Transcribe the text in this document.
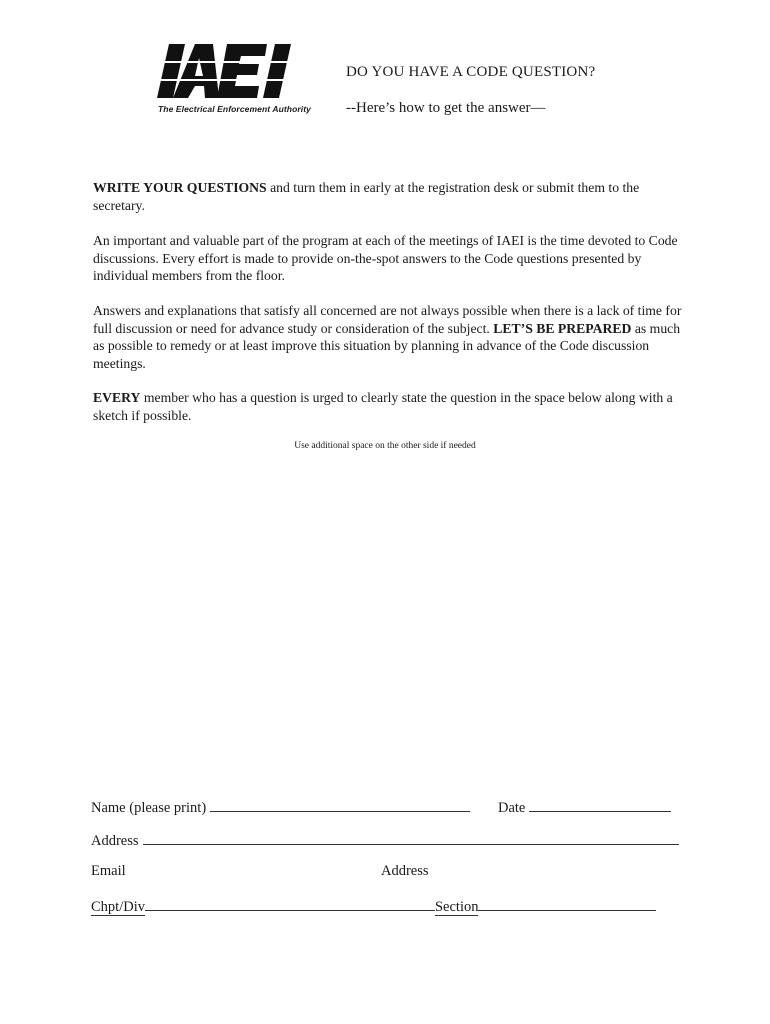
The Electrical Enforcement Authority
DO YOU HAVE A CODE QUESTION?
--Here’s how to get the answer—

WRITE YOUR QUESTIONS and turn them in early at the registration desk or submit them to the secretary.

An important and valuable part of the program at each of the meetings of IAEI is the time devoted to Code discussions. Every effort is made to provide on-the-spot answers to the Code questions presented by individual members from the floor.

Answers and explanations that satisfy all concerned are not always possible when there is a lack of time for full discussion or need for advance study or consideration of the subject. LET’S BE PREPARED as much as possible to remedy or at least improve this situation by planning in advance of the Code discussion meetings.

EVERY member who has a question is urged to clearly state the question in the space below along with a sketch if possible.

Use additional space on the other side if needed
Name (please print)	Date
Address
Email	Address
Chpt/Div	Section
